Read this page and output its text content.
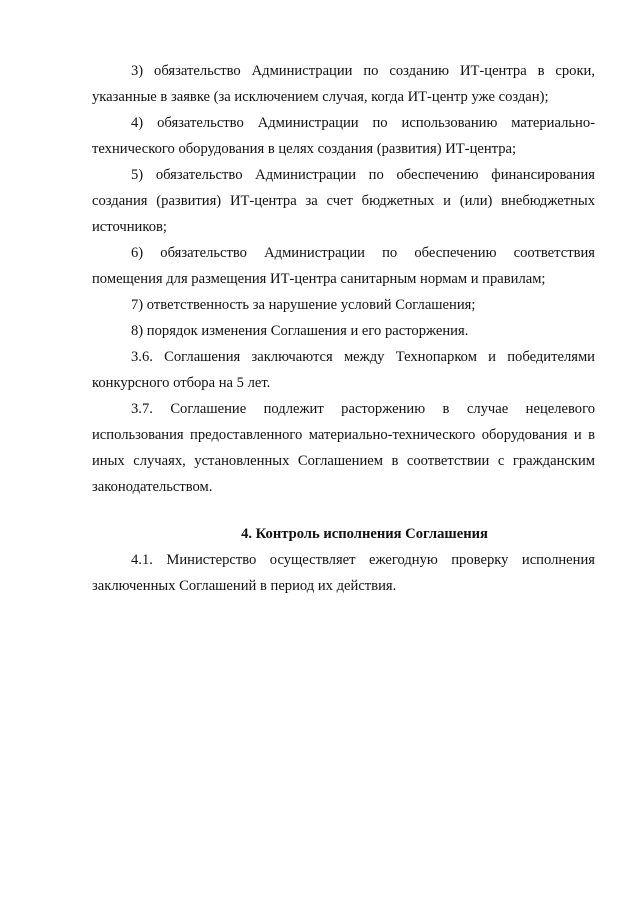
3) обязательство Администрации по созданию ИТ-центра в сроки, указанные в заявке (за исключением случая, когда ИТ-центр уже создан);

4) обязательство Администрации по использованию материально-технического оборудования в целях создания (развития) ИТ-центра;

5) обязательство Администрации по обеспечению финансирования создания (развития) ИТ-центра за счет бюджетных и (или) внебюджетных источников;

6) обязательство Администрации по обеспечению соответствия помещения для размещения ИТ-центра санитарным нормам и правилам;

7) ответственность за нарушение условий Соглашения;

8) порядок изменения Соглашения и его расторжения.

3.6. Соглашения заключаются между Технопарком и победителями конкурсного отбора на 5 лет.

3.7. Соглашение подлежит расторжению в случае нецелевого использования предоставленного материально-технического оборудования и в иных случаях, установленных Соглашением в соответствии с гражданским законодательством.

4. Контроль исполнения Соглашения

4.1. Министерство осуществляет ежегодную проверку исполнения заключенных Соглашений в период их действия.
